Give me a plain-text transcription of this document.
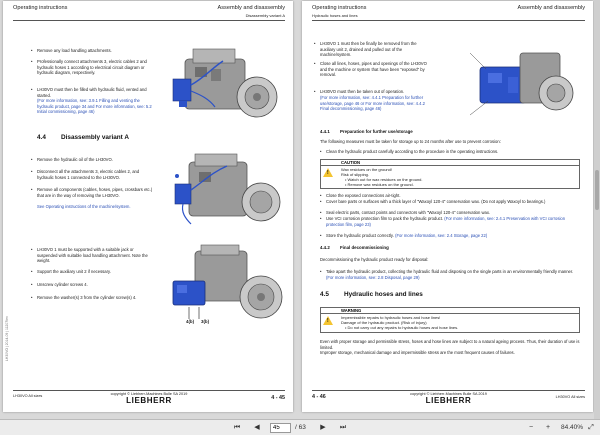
Operating instructions	Assembly and disassembly
Disassembly variant A
LH30VO | 2014-09 | 11207/en
• Remove any load handling attachments.
• Professionally connect attachments 3, electric cables 2 and hydraulic hoses 1 according to electrical circuit diagram or hydraulic diagram, respectively.
• LH30VO must then be filled with hydraulic fluid, vented and started.
(For more information, see: 3.9.1 Filling and venting the hydraulic product, page 34 and For more information, see: 5.2 Initial commissioning, page 46)
4.4 Disassembly variant A
• Remove the hydraulic oil of the LH30VO.
• Disconnect all the attachments 3, electric cables 2, and hydraulic hoses 1 connected to the LH30VO.
• Remove all components (cables, hoses, pipes, crossbars etc.) that are in the way of removing the LH30VO.
See Operating instructions of the machine/system.
• LH30VO 1 must be supported with a suitable jack or suspended with suitable load handling attachment. Note the weight.
• Support the auxiliary unit 2 if necessary.
• Unscrew cylinder screws 4.
• Remove the washer(s) 3 from the cylinder screw(s) 4.
4(b) 3(b)
copyright © Liebherr-Machines Bulle SA 2019
LIEBHERR
LH30VO All sizes	4 - 45
Operating instructions	Assembly and disassembly
Hydraulic hoses and lines
• LH30VO 1 must then be finally be removed from the auxiliary unit 2, drained and pulled out of the machine/system.
• Close all lines, hoses, pipes and openings of the LH30VO and the machine or system that have been "exposed" by removal.
• LH30VO must then be taken out of operation.
(For more information, see: 4.4.1 Preparation for further use/storage, page 46 or For more information, see: 4.4.2 Final decommissioning, page 46)
4.4.1 Preparation for further use/storage
The following measures must be taken for storage up to 24 months after use to prevent corrosion:
• Clean the hydraulic product carefully according to the procedure in the operating instructions.
!
CAUTION
Wax residues on the ground!
Risk of slipping.
• Watch out for wax residues on the ground.
• Remove wax residues on the ground.
• Close the exposed connections air-tight.
• Cover bare parts or surfaces with a thick layer of "Waxoyl 120-4" conservation wax. (Do not apply Waxoyl to bearings.)
• Seal electric parts, contact points and connectors with "Waxoyl 120-4" conservation wax.
• Use VCI corrosion protection film to pack the hydraulic product. (For more information, see: 2.4.1 Preservation with VCI corrosion protection film, page 23)
• Store the hydraulic product correctly. (For more information, see: 2.4 Storage, page 22)
4.4.2 Final decommissioning
Decommissioning the hydraulic product ready for disposal:
• Take apart the hydraulic product, collecting the hydraulic fluid and disposing on the single parts in an environmentally friendly manner. (For more information, see: 2.8 Disposal, page 29)
4.5 Hydraulic hoses and lines
!
WARNING
Impermissible repairs to hydraulic hoses and hose lines!
Damage of the hydraulic product. (Risk of injury)
• Do not carry out any repairs to hydraulic hoses and hose lines.
Even with proper storage and permissible stress, hoses and hose lines are subject to a natural ageing process. Thus, their duration of use is limited.
Improper storage, mechanical damage and impermissible stress are the most frequent causes of failures.
copyright © Liebherr-Machines Bulle SA 2019
LIEBHERR
4 - 46	LH30VO All sizes
⏮	◀
45	/ 63	▶	⏭	−	+	84.40% ⤢
